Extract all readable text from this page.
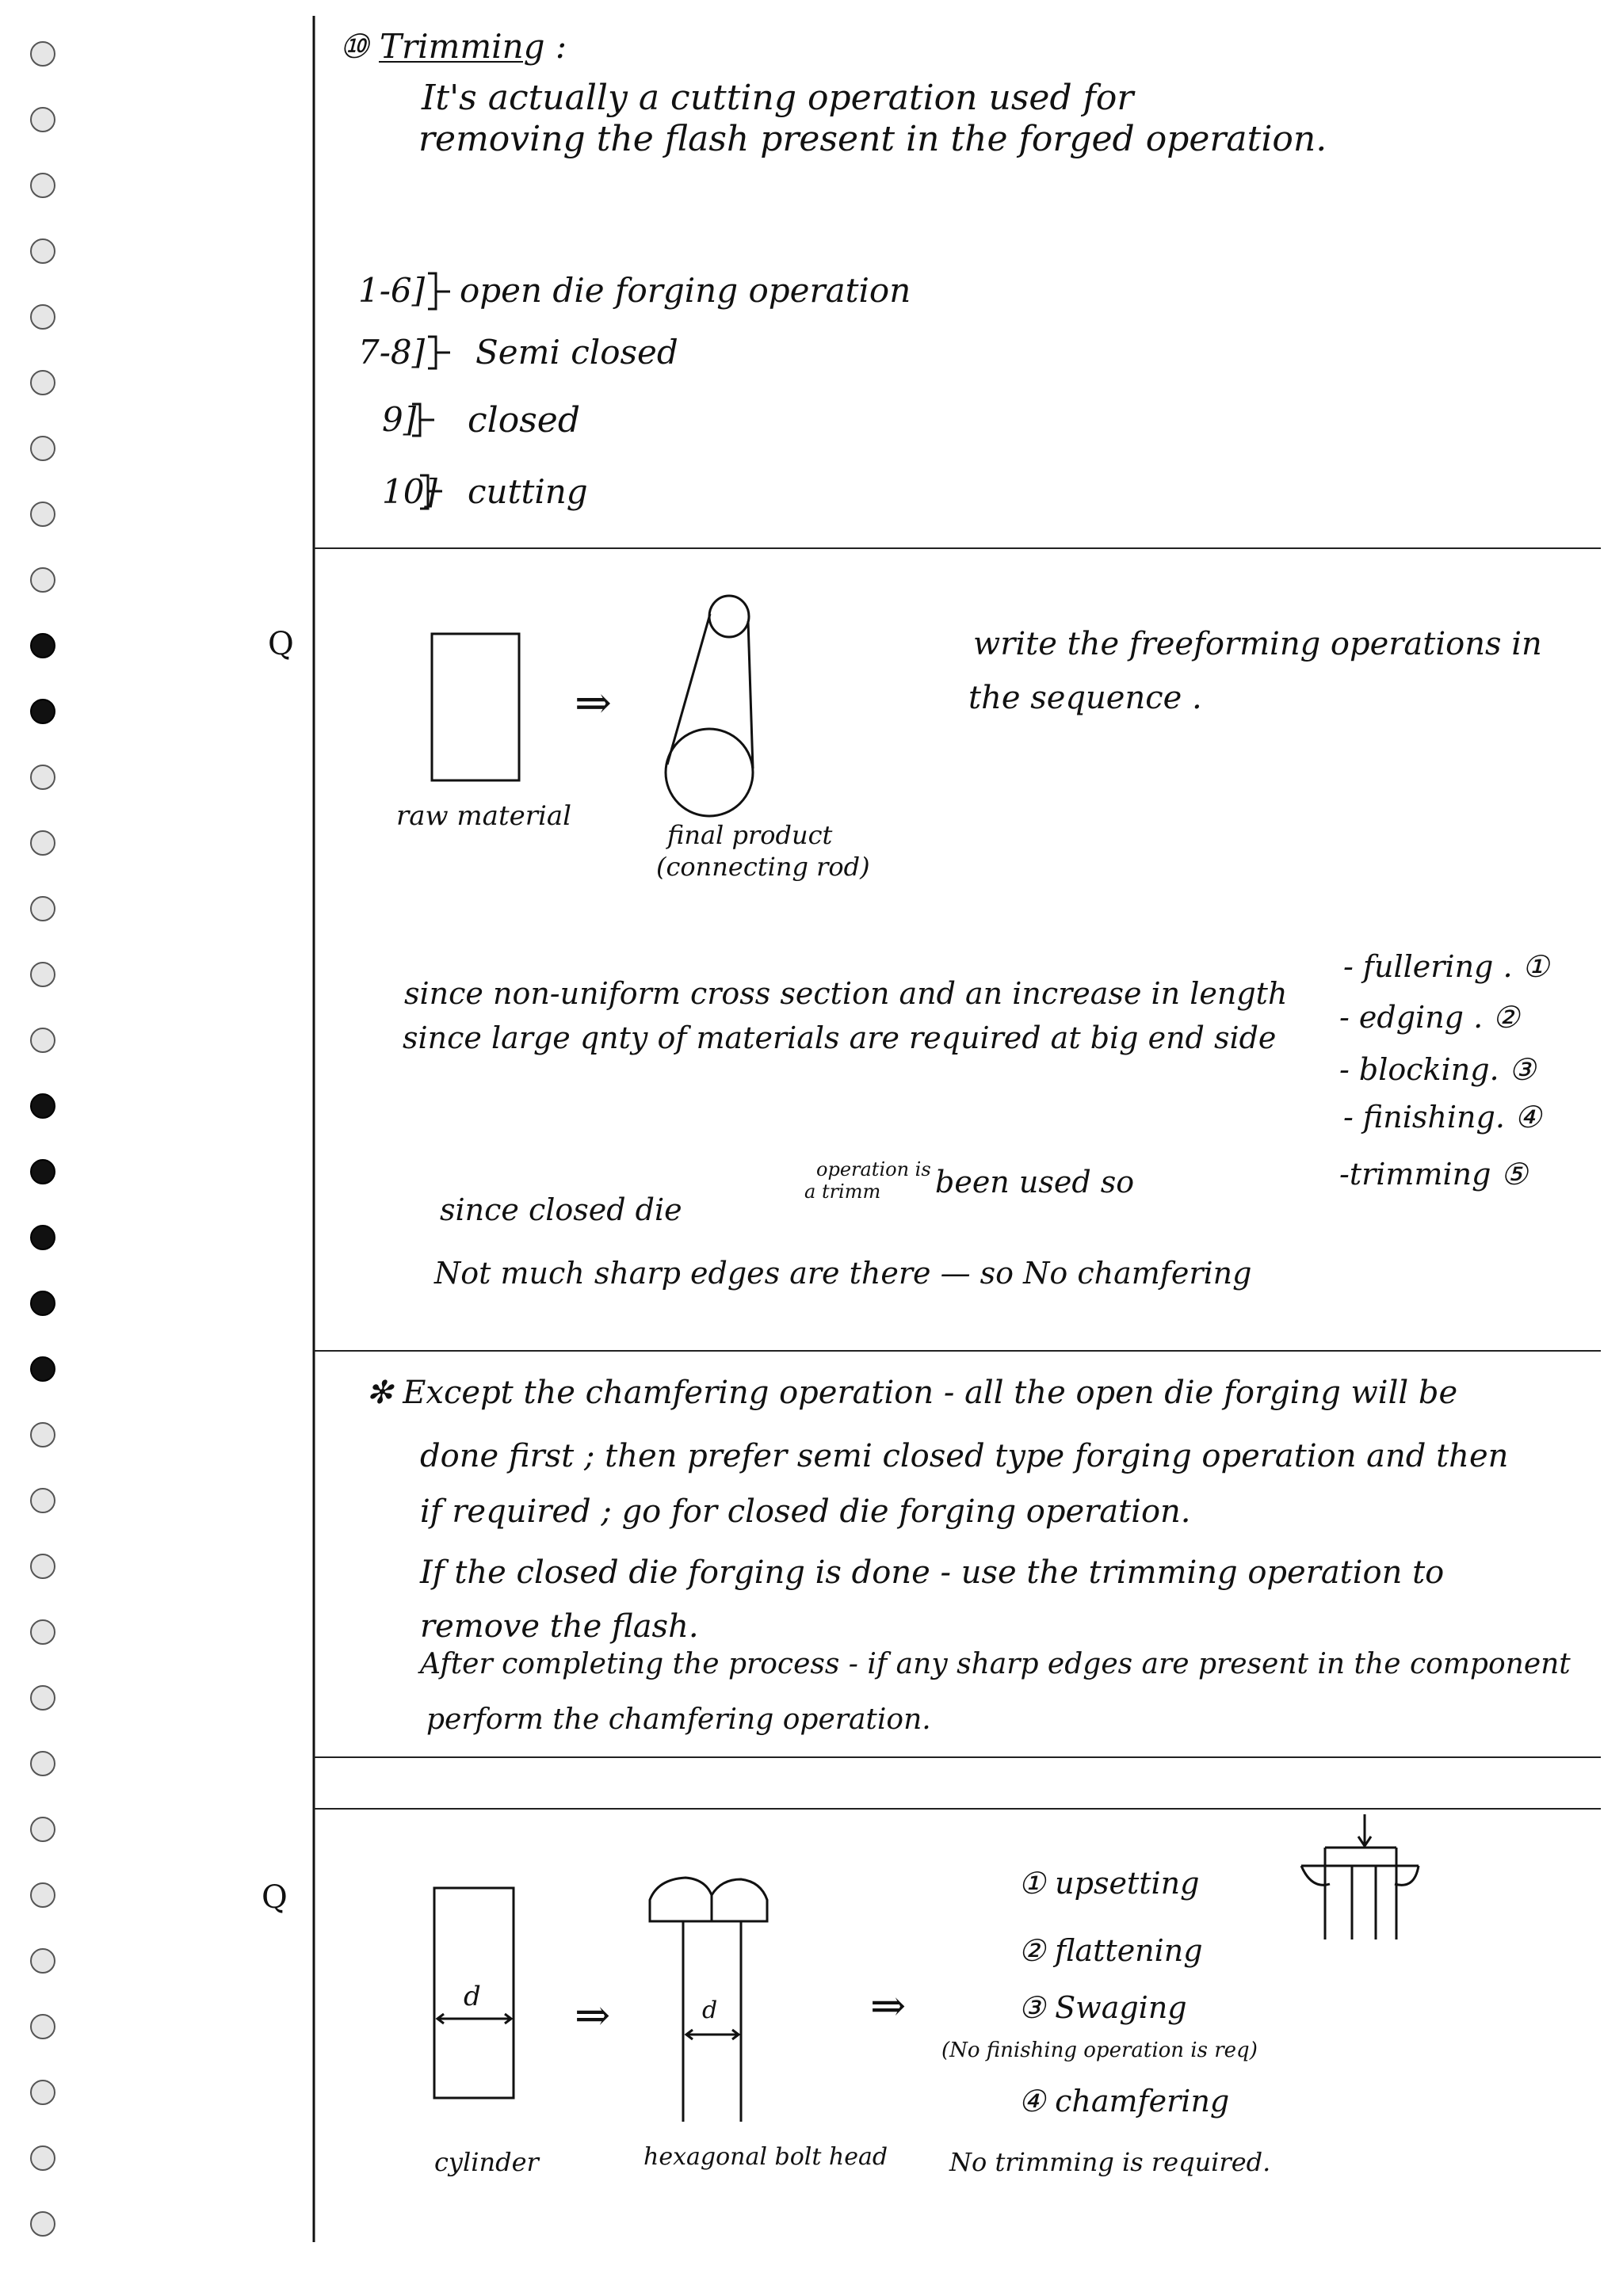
⑩ Trimming :
It's actually a cutting operation used for
removing the flash present in the forged operation.
1-6] open die forging operation
7-8] Semi closed
9] closed
10] cutting
Q
⇒
raw material
final product
(connecting rod)
write the freeforming operations in
the sequence .
since non-uniform cross section and an increase in length
since large qnty of materials are required at big end side
- fullering . ①
- edging . ②
- blocking. ③
- finishing. ④
-trimming ⑤
since closed die
operation is
a trimm been used so
Not much sharp edges are there — so No chamfering
✻ Except the chamfering operation - all the open die forging will be
done first ; then prefer semi closed type forging operation and then
if required ; go for closed die forging operation.
If the closed die forging is done - use the trimming operation to
remove the flash.
After completing the process - if any sharp edges are present in the component
perform the chamfering operation.
Q
d	d
⇒	⇒
cylinder	hexagonal bolt head
① upsetting
② flattening
③ Swaging
(No finishing operation is req)
④ chamfering
No trimming is required.
